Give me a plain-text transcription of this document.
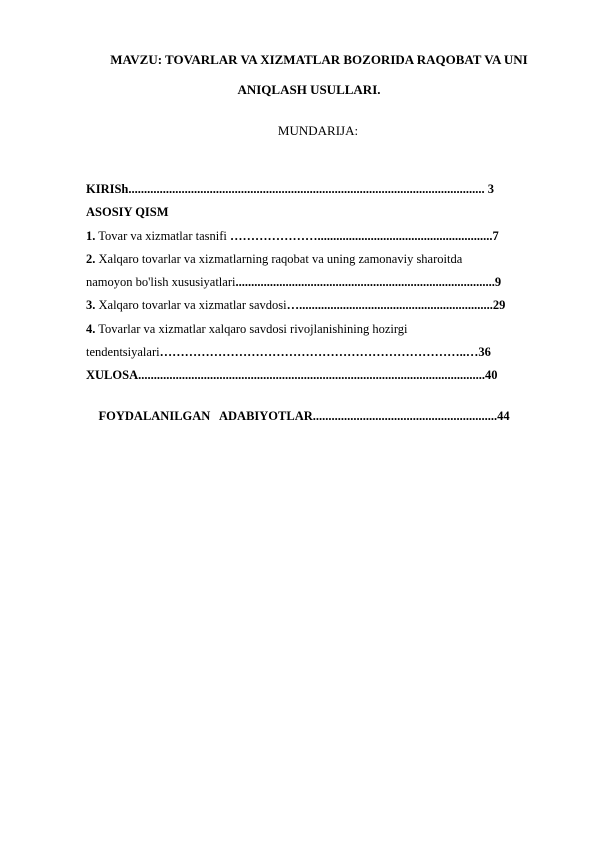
MAVZU: TOVARLAR VA XIZMATLAR BOZORIDA RAQOBAT VA UNI
ANIQLASH USULLARI.
MUNDARIJA:
KIRISh.................................................................................................................. 3
ASOSIY QISM
1. Tovar va xizmatlar tasnifi …………………........................................................7
2. Xalqaro tovarlar va xizmatlarning raqobat va uning zamonaviy sharoitda
namoyon bo'lish xususiyatlari...................................................................................9
3. Xalqaro tovarlar va xizmatlar savdosi…..............................................................29
4. Tovarlar va xizmatlar xalqaro savdosi rivojlanishining hozirgi
tendentsiyalari………………………………………………………………..…36
XULOSA...............................................................................................................40

FOYDALANILGAN   ADABIYOTLAR...........................................................44
